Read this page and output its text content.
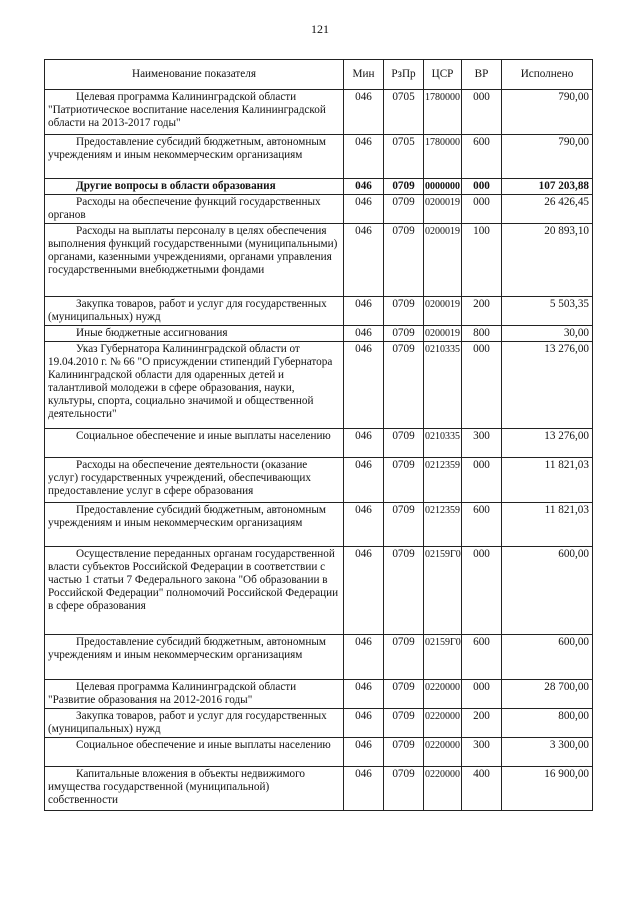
121
Наименование показателя	Мин	РзПр	ЦСР	ВР	Исполнено
Целевая программа Калининградской области "Патриотическое воспитание населения Калининградской области на 2013-2017 годы"	046	0705	1780000	000	790,00
Предоставление субсидий бюджетным, автономным учреждениям и иным некоммерческим организациям	046	0705	1780000	600	790,00
Другие вопросы в области образования	046	0709	0000000	000	107 203,88
Расходы на обеспечение функций государственных органов	046	0709	0200019	000	26 426,45
Расходы на выплаты персоналу в целях обеспечения выполнения функций государственными (муниципальными) органами, казенными учреждениями, органами управления государственными внебюджетными фондами	046	0709	0200019	100	20 893,10
Закупка товаров, работ и услуг для государственных (муниципальных) нужд	046	0709	0200019	200	5 503,35
Иные бюджетные ассигнования	046	0709	0200019	800	30,00
Указ Губернатора Калининградской области от 19.04.2010 г. № 66 "О присуждении стипендий Губернатора Калининградской области для одаренных детей и талантливой молодежи в сфере образования, науки, культуры, спорта, социально значимой и общественной деятельности"	046	0709	0210335	000	13 276,00
Социальное обеспечение и иные выплаты населению	046	0709	0210335	300	13 276,00
Расходы на обеспечение деятельности (оказание услуг) государственных учреждений, обеспечивающих предоставление услуг в сфере образования	046	0709	0212359	000	11 821,03
Предоставление субсидий бюджетным, автономным учреждениям и иным некоммерческим организациям	046	0709	0212359	600	11 821,03
Осуществление переданных органам государственной власти субъектов Российской Федерации в соответствии с частью 1 статьи 7 Федерального закона "Об образовании в Российской Федерации" полномочий Российской Федерации в сфере образования	046	0709	02159Г0	000	600,00
Предоставление субсидий бюджетным, автономным учреждениям и иным некоммерческим организациям	046	0709	02159Г0	600	600,00
Целевая программа Калининградской области "Развитие образования на 2012-2016 годы"	046	0709	0220000	000	28 700,00
Закупка товаров, работ и услуг для государственных (муниципальных) нужд	046	0709	0220000	200	800,00
Социальное обеспечение и иные выплаты населению	046	0709	0220000	300	3 300,00
Капитальные вложения в объекты недвижимого имущества государственной (муниципальной) собственности	046	0709	0220000	400	16 900,00
